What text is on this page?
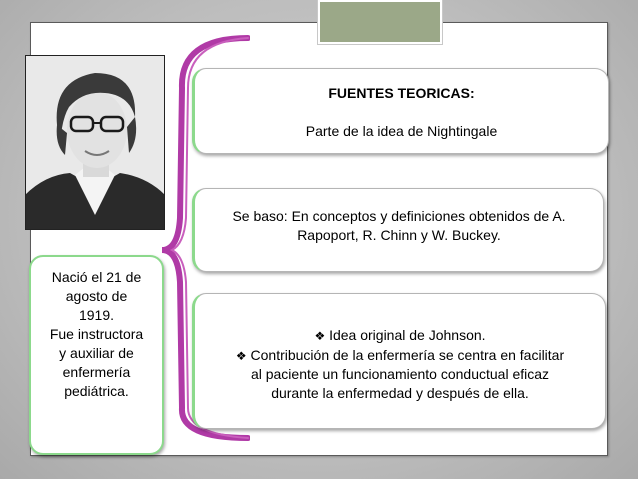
FUENTES TEORICAS:
Parte de la idea de Nightingale
Se baso: En conceptos y definiciones obtenidos de A.
Rapoport, R. Chinn y W. Buckey.
❖ Idea original de Johnson.
❖ Contribución de la enfermería se centra en facilitar
al paciente un funcionamiento conductual eficaz
durante la enfermedad y después de ella.
Nació el 21 de
agosto de
1919.
Fue instructora
y auxiliar de
enfermería
pediátrica.
